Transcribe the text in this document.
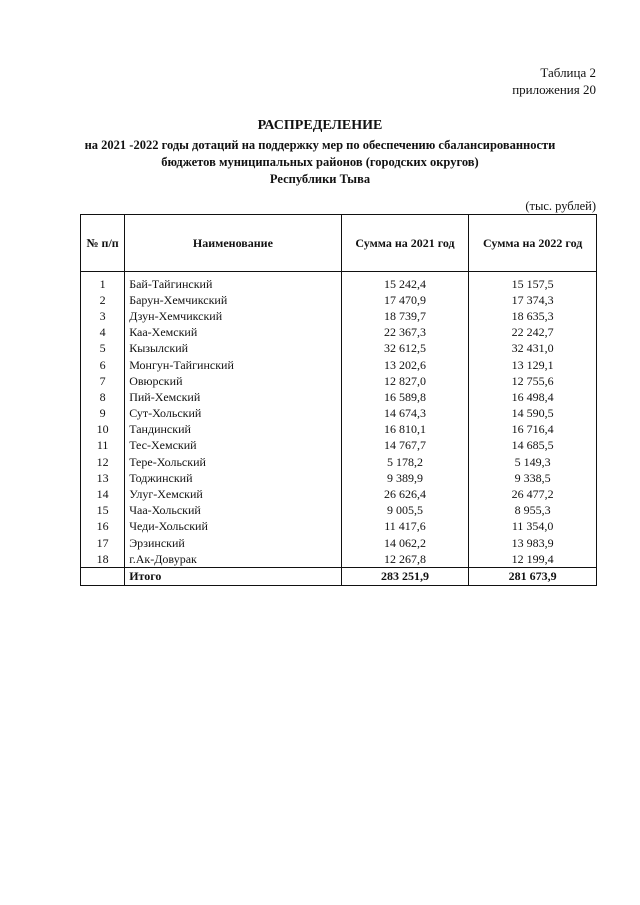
Таблица 2
приложения 20
РАСПРЕДЕЛЕНИЕ
на 2021 -2022 годы дотаций на поддержку мер по обеспечению сбалансированности
бюджетов муниципальных районов (городских округов)
Республики Тыва
(тыс. рублей)
№ п/п	Наименование	Сумма на 2021 год	Сумма на 2022 год
1	Бай-Тайгинский	15 242,4	15 157,5
2	Барун-Хемчикский	17 470,9	17 374,3
3	Дзун-Хемчикский	18 739,7	18 635,3
4	Каа-Хемский	22 367,3	22 242,7
5	Кызылский	32 612,5	32 431,0
6	Монгун-Тайгинский	13 202,6	13 129,1
7	Овюрский	12 827,0	12 755,6
8	Пий-Хемский	16 589,8	16 498,4
9	Сут-Хольский	14 674,3	14 590,5
10	Тандинский	16 810,1	16 716,4
11	Тес-Хемский	14 767,7	14 685,5
12	Тере-Хольский	5 178,2	5 149,3
13	Тоджинский	9 389,9	9 338,5
14	Улуг-Хемский	26 626,4	26 477,2
15	Чаа-Хольский	9 005,5	8 955,3
16	Чеди-Хольский	11 417,6	11 354,0
17	Эрзинский	14 062,2	13 983,9
18	г.Ак-Довурак	12 267,8	12 199,4
	Итого	283 251,9	281 673,9
